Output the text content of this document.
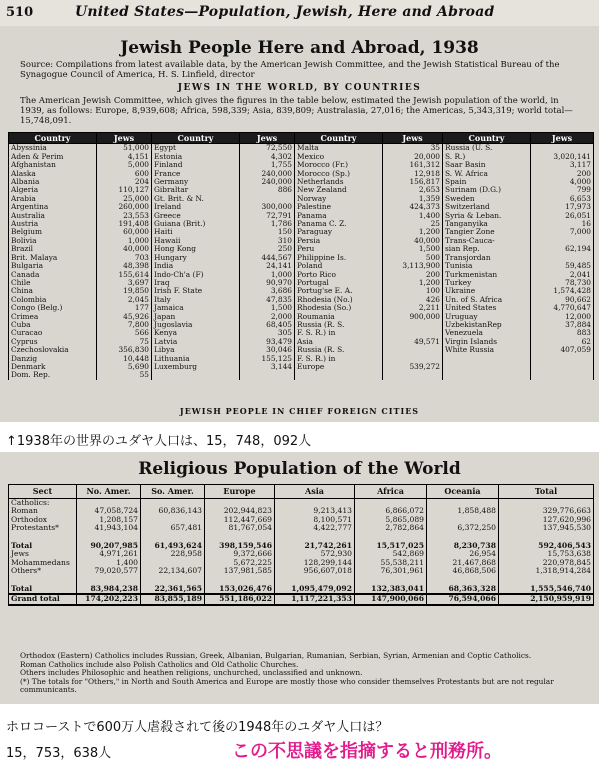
510	United States—Population, Jewish, Here and Abroad
Jewish People Here and Abroad, 1938
Source: Compilations from latest available data, by the American Jewish Committee, and the Jewish Statistical Bureau of the Synagogue Council of America, H. S. Linfield, director
JEWS IN THE WORLD, BY COUNTRIES
The American Jewish Committee, which gives the figures in the table below, estimated the Jewish population of the world, in 1939, as follows: Europe, 8,939,608; Africa, 598,339; Asia, 839,809; Australasia, 27,016; the Americas, 5,343,319; world total—15,748,091.
Country	Jews	Country	Jews	Country	Jews	Country	Jews
Abyssinia	51,000	Egypt	72,550	Malta	35	Russia (U. S.	
Aden & Perim	4,151	Estonia	4,302	Mexico	20,000	S. R.)	3,020,141
Afghanistan	5,000	Finland	1,755	Morocco (Fr.)	161,312	Saar Basin	3,117
Alaska	600	France	240,000	Morocco (Sp.)	12,918	S. W. Africa	200
Albania	204	Germany	240,000	Netherlands	156,817	Spain	4,000
Algeria	110,127	Gibraltar	886	New Zealand	2,653	Surinam (D.G.)	799
Arabia	25,000	Gt. Brit. & N.		Norway	1,359	Sweden	6,653
Argentina	260,000	Ireland	300,000	Palestine	424,373	Switzerland	17,973
Australia	23,553	Greece	72,791	Panama	1,400	Syria & Leban.	26,051
Austria	191,408	Guiana (Brit.)	1,786	Panama C. Z.	25	Tanganyika	16
Belgium	60,000	Haiti	150	Paraguay	1,200	Tangier Zone	7,000
Bolivia	1,000	Hawaii	310	Persia	40,000	Trans-Cauca-	
Brazil	40,000	Hong Kong	250	Peru	1,500	sian Rep.	62,194
Brit. Malaya	703	Hungary	444,567	Philippine Is.	500	Transjordan	
Bulgaria	48,398	India	24,141	Poland	3,113,900	Tunisia	59,485
Canada	155,614	Indo-Ch'a (F)	1,000	Porto Rico	200	Turkmenistan	2,041
Chile	3,697	Iraq	90,970	Portugal	1,200	Turkey	78,730
China	19,850	Irish F. State	3,686	Portug'se E. A.	100	Ukraine	1,574,428
Colombia	2,045	Italy	47,835	Rhodesia (No.)	426	Un. of S. Africa	90,662
Congo (Belg.)	177	Jamaica	1,500	Rhodesia (So.)	2,211	United States	4,770,647
Crimea	45,926	Japan	2,000	Roumania	900,000	Uruguay	12,000
Cuba	7,800	Jugoslavia	68,405	Russia (R. S.		UzbekistanRep	37,884
Curacao	566	Kenya	305	F. S. R.) in		Venezuela	883
Cyprus	75	Latvia	93,479	Asia	49,571	Virgin Islands	62
Czechoslovakia	356,830	Libya	30,046	Russia (R. S.		White Russia	407,059
Danzig	10,448	Lithuania	155,125	F. S. R.) in			
Denmark	5,690	Luxemburg	3,144	Europe	539,272		
Dom. Rep.	55						
JEWISH PEOPLE IN CHIEF FOREIGN CITIES
↑1938年の世界のユダヤ人口は、15，748，092人
Religious Population of the World
Sect	No. Amer.	So. Amer.	Europe	Asia	Africa	Oceania	Total
Catholics:							
Roman	47,058,724	60,836,143	202,944,823	9,213,413	6,866,072	1,858,488	329,776,663
Orthodox	1,208,157		112,447,669	8,100,571	5,865,089		127,620,996
Protestants*	41,943,104	657,481	81,767,054	4,422,777	2,782,864	6,372,250	137,945,530

Total	90,207,985	61,493,624	398,159,546	21,742,261	15,517,025	8,230,738	592,406,543
Jews	4,971,261	228,958	9,372,666	572,930	542,869	26,954	15,753,638
Mohammedans	1,400		5,672,225	128,299,144	55,538,211	21,467,868	220,978,845
Others*	79,020,577	22,134,607	137,981,585	956,607,018	76,301,961	46,868,506	1,318,914,284

Total	83,984,238	22,361,565	153,026,476	1,095,479,092	132,383,041	68,363,328	1,555,546,740
Grand total	174,202,223	83,855,189	551,186,022	1,117,221,353	147,900,066	76,594,066	2,150,959,919
Orthodox (Eastern) Catholics includes Russian, Greek, Albanian, Bulgarian, Rumanian, Serbian, Syrian, Armenian and Coptic Catholics.
Roman Catholics include also Polish Catholics and Old Catholic Churches.
Others includes Philosophic and heathen religions, unchurched, unclassified and unknown.
(*) The totals for "Others," in North and South America and Europe are mostly those who consider themselves Protestants but are not regular communicants.
ホロコーストで600万人虐殺されて後の1948年のユダヤ人口は？
15，753，638人	この不思議を指摘すると刑務所。
